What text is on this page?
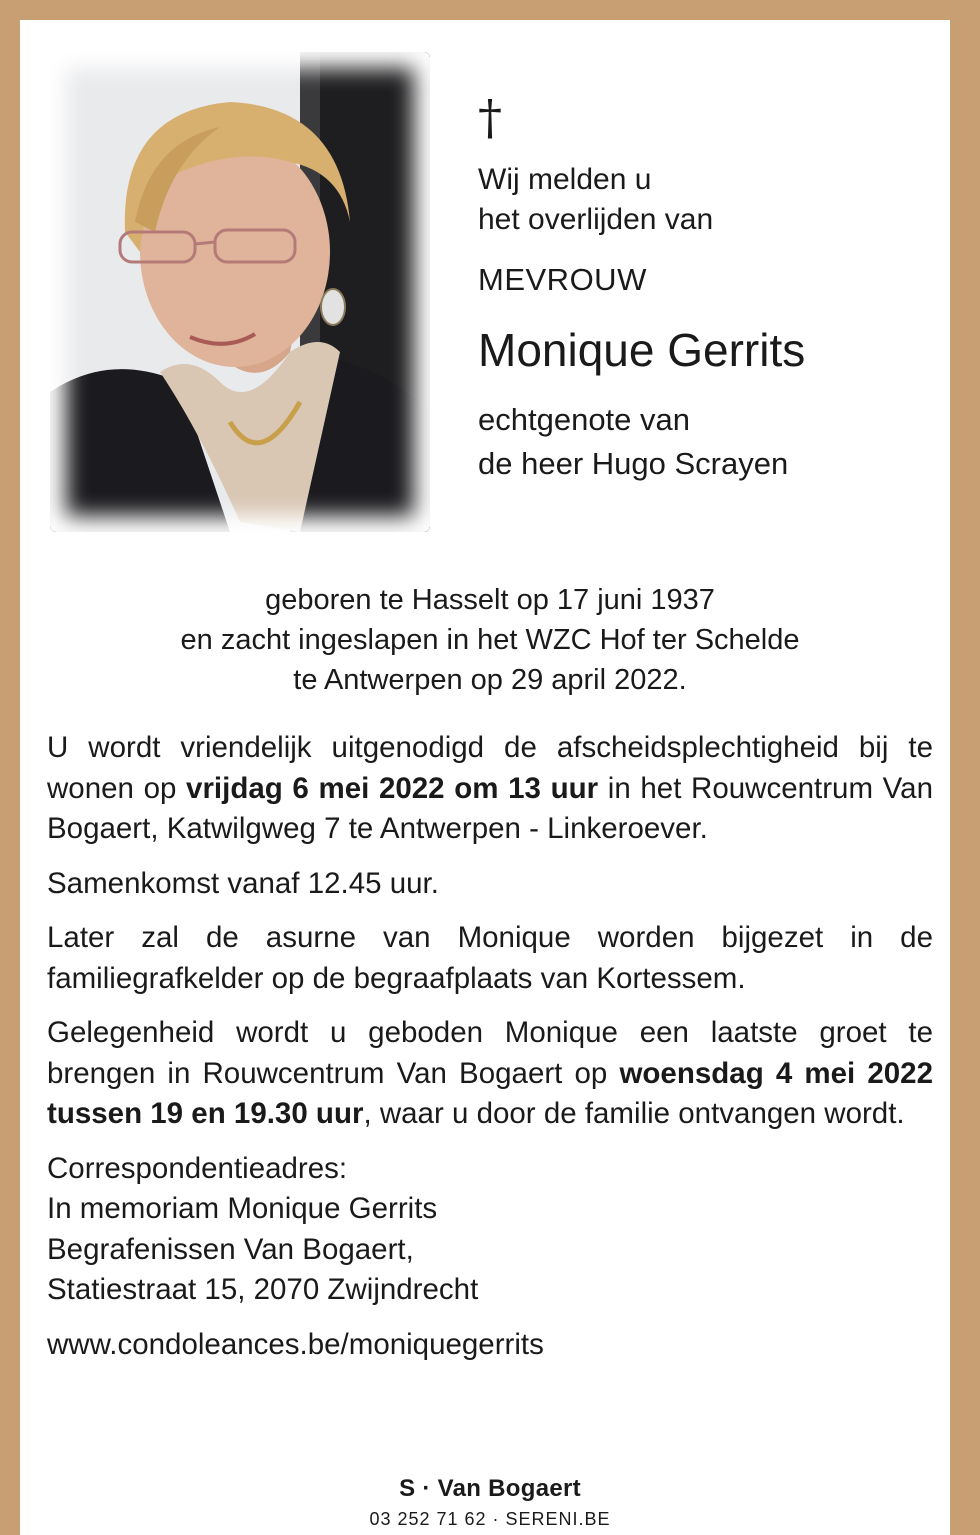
†
Wij melden u
het overlijden van
MEVROUW
Monique Gerrits
echtgenote van
de heer Hugo Scrayen
geboren te Hasselt op 17 juni 1937
en zacht ingeslapen in het WZC Hof ter Schelde
te Antwerpen op 29 april 2022.

U wordt vriendelijk uitgenodigd de afscheidsplechtigheid bij te wonen op vrijdag 6 mei 2022 om 13 uur in het Rouwcentrum Van Bogaert, Katwilgweg 7 te Antwerpen - Linkeroever.

Samenkomst vanaf 12.45 uur.

Later zal de asurne van Monique worden bijgezet in de familiegrafkelder op de begraafplaats van Kortessem.

Gelegenheid wordt u geboden Monique een laatste groet te brengen in Rouwcentrum Van Bogaert op woensdag 4 mei 2022 tussen 19 en 19.30 uur, waar u door de familie ontvangen wordt.

Correspondentieadres:
In memoriam Monique Gerrits
Begrafenissen Van Bogaert,
Statiestraat 15, 2070 Zwijndrecht
www.condoleances.be/moniquegerrits
S · Van Bogaert
03 252 71 62 · SERENI.BE
